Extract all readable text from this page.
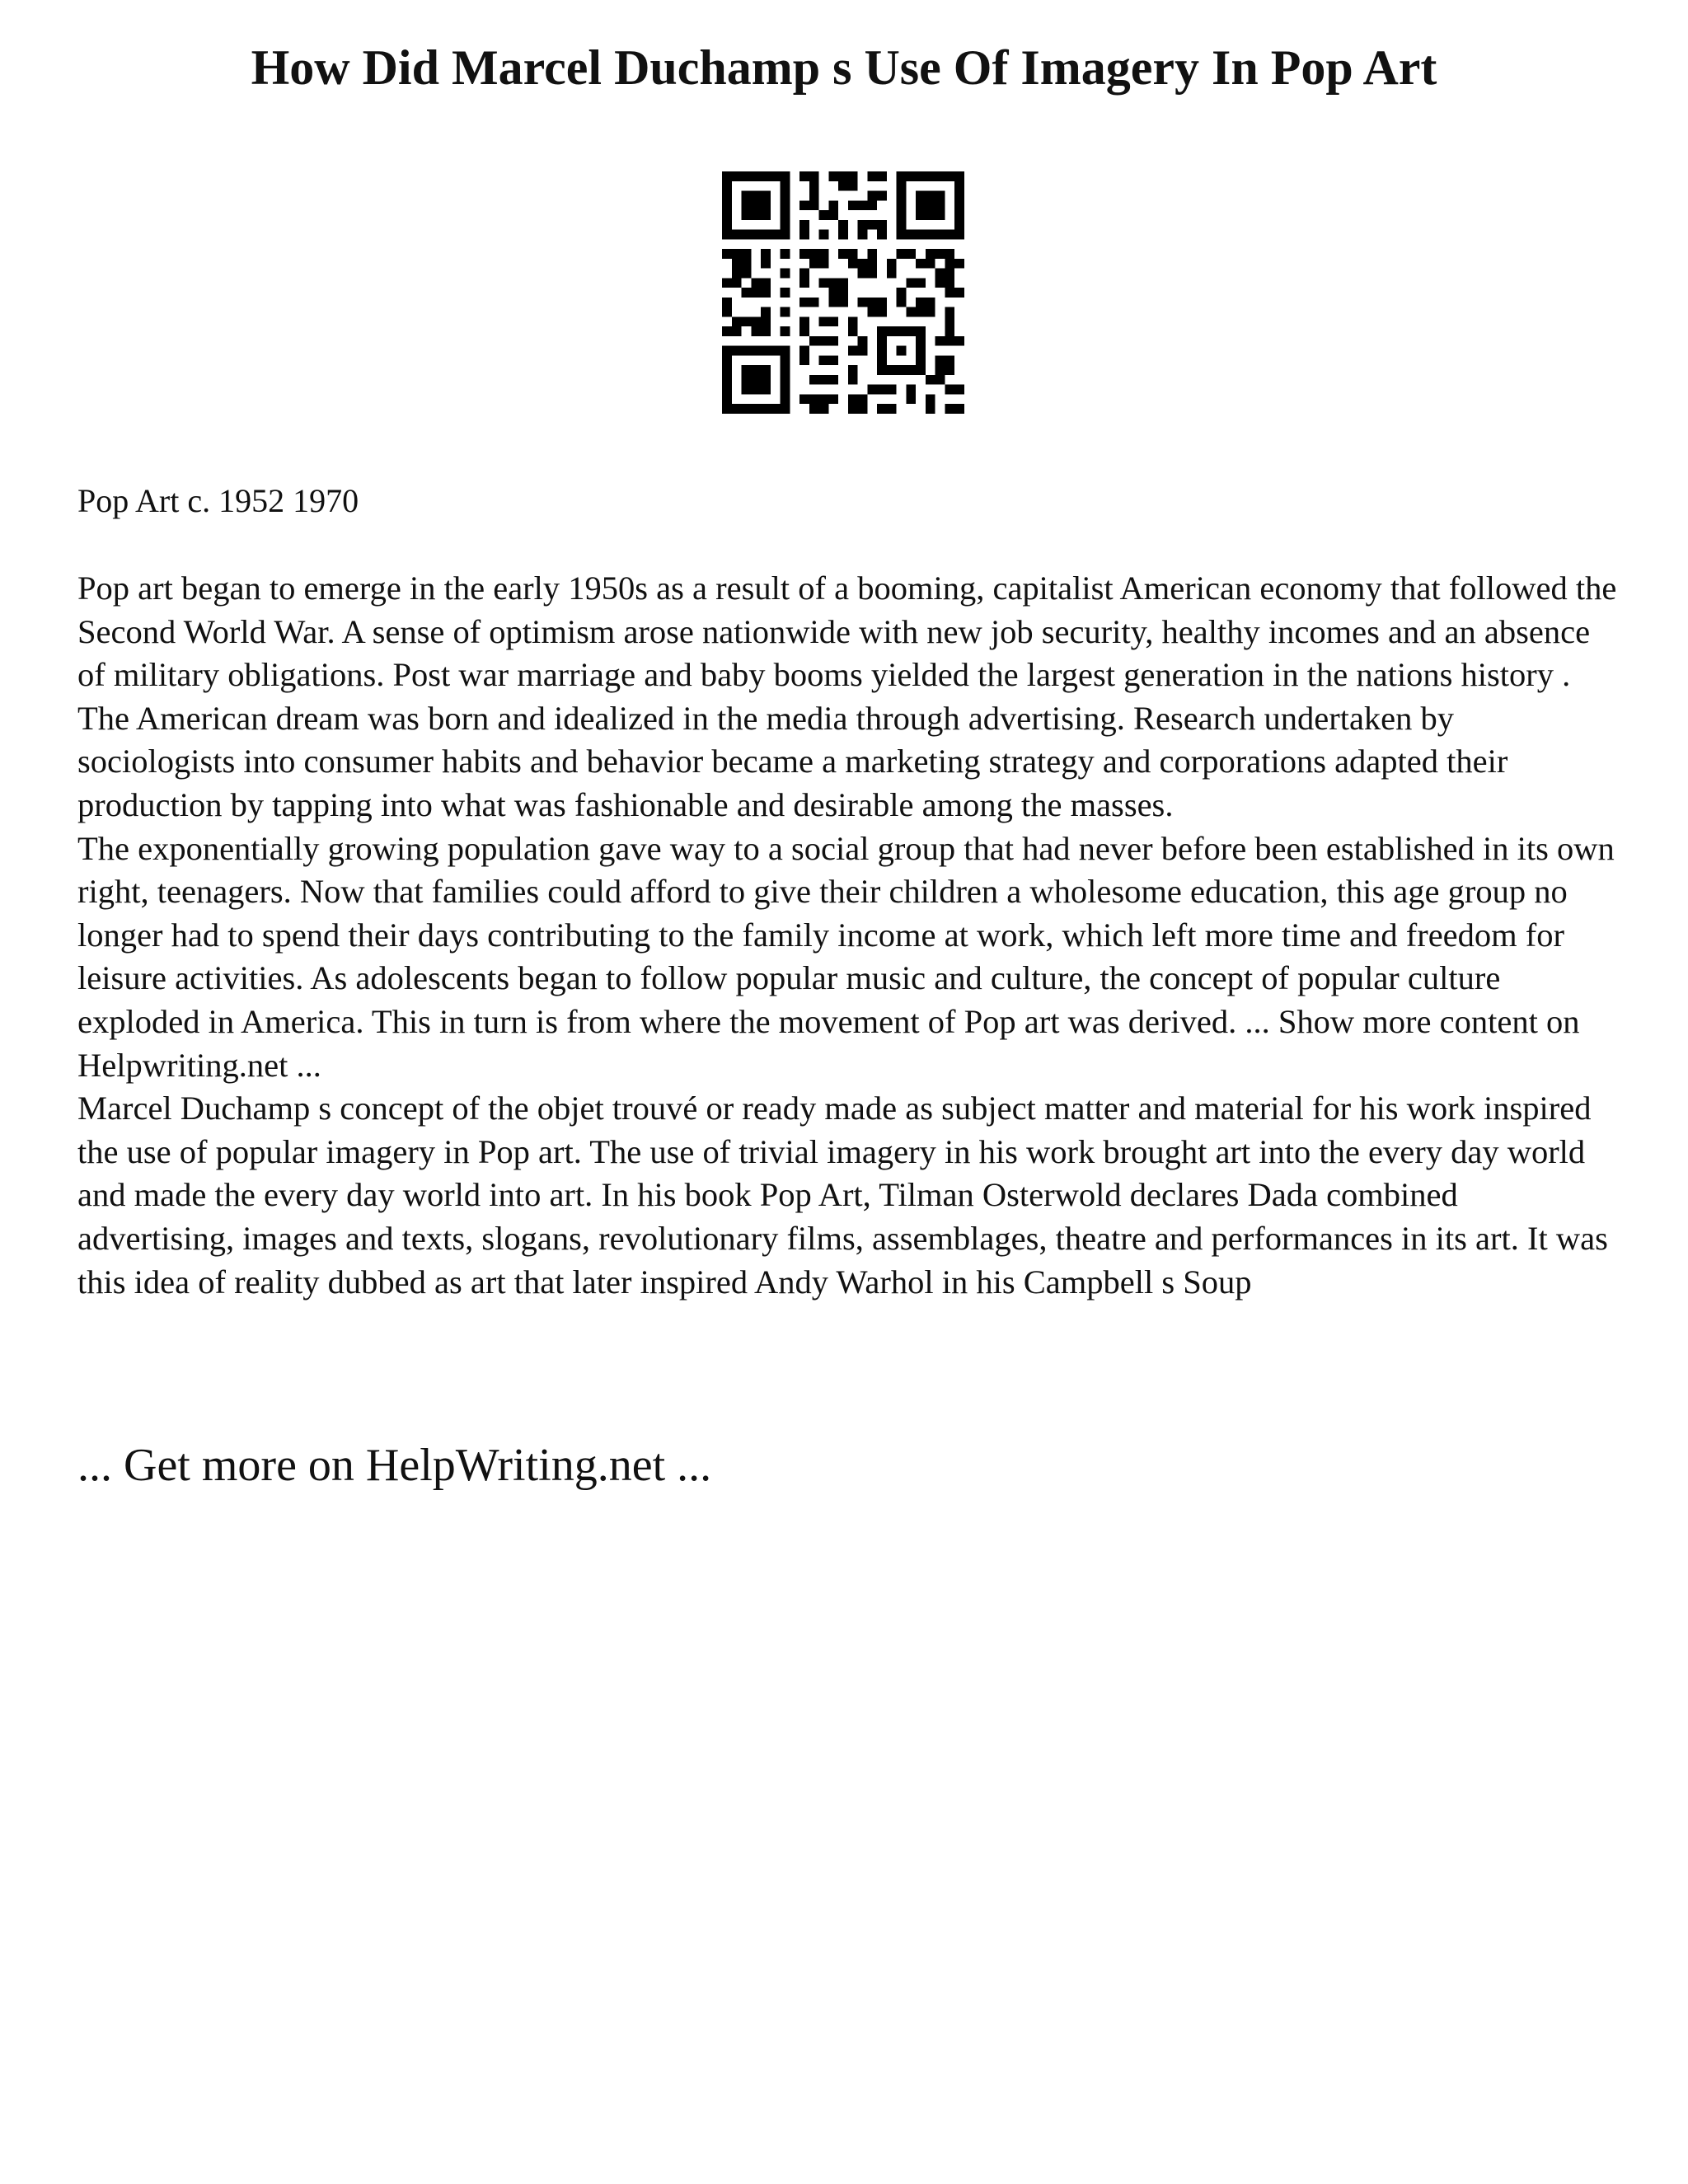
How Did Marcel Duchamp s Use Of Imagery In Pop Art

Pop Art c. 1952 1970

Pop art began to emerge in the early 1950s as a result of a booming, capitalist American economy that followed the Second World War. A sense of optimism arose nationwide with new job security, healthy incomes and an absence of military obligations. Post war marriage and baby booms yielded the largest generation in the nations history . The American dream was born and idealized in the media through advertising. Research undertaken by sociologists into consumer habits and behavior became a marketing strategy and corporations adapted their production by tapping into what was fashionable and desirable among the masses.

The exponentially growing population gave way to a social group that had never before been established in its own right, teenagers. Now that families could afford to give their children a wholesome education, this age group no longer had to spend their days contributing to the family income at work, which left more time and freedom for leisure activities. As adolescents began to follow popular music and culture, the concept of popular culture exploded in America. This in turn is from where the movement of Pop art was derived. ... Show more content on Helpwriting.net ...

Marcel Duchamp s concept of the objet trouvé or ready made as subject matter and material for his work inspired the use of popular imagery in Pop art. The use of trivial imagery in his work brought art into the every day world and made the every day world into art. In his book Pop Art, Tilman Osterwold declares Dada combined advertising, images and texts, slogans, revolutionary films, assemblages, theatre and performances in its art. It was this idea of reality dubbed as art that later inspired Andy Warhol in his Campbell s Soup

... Get more on HelpWriting.net ...
